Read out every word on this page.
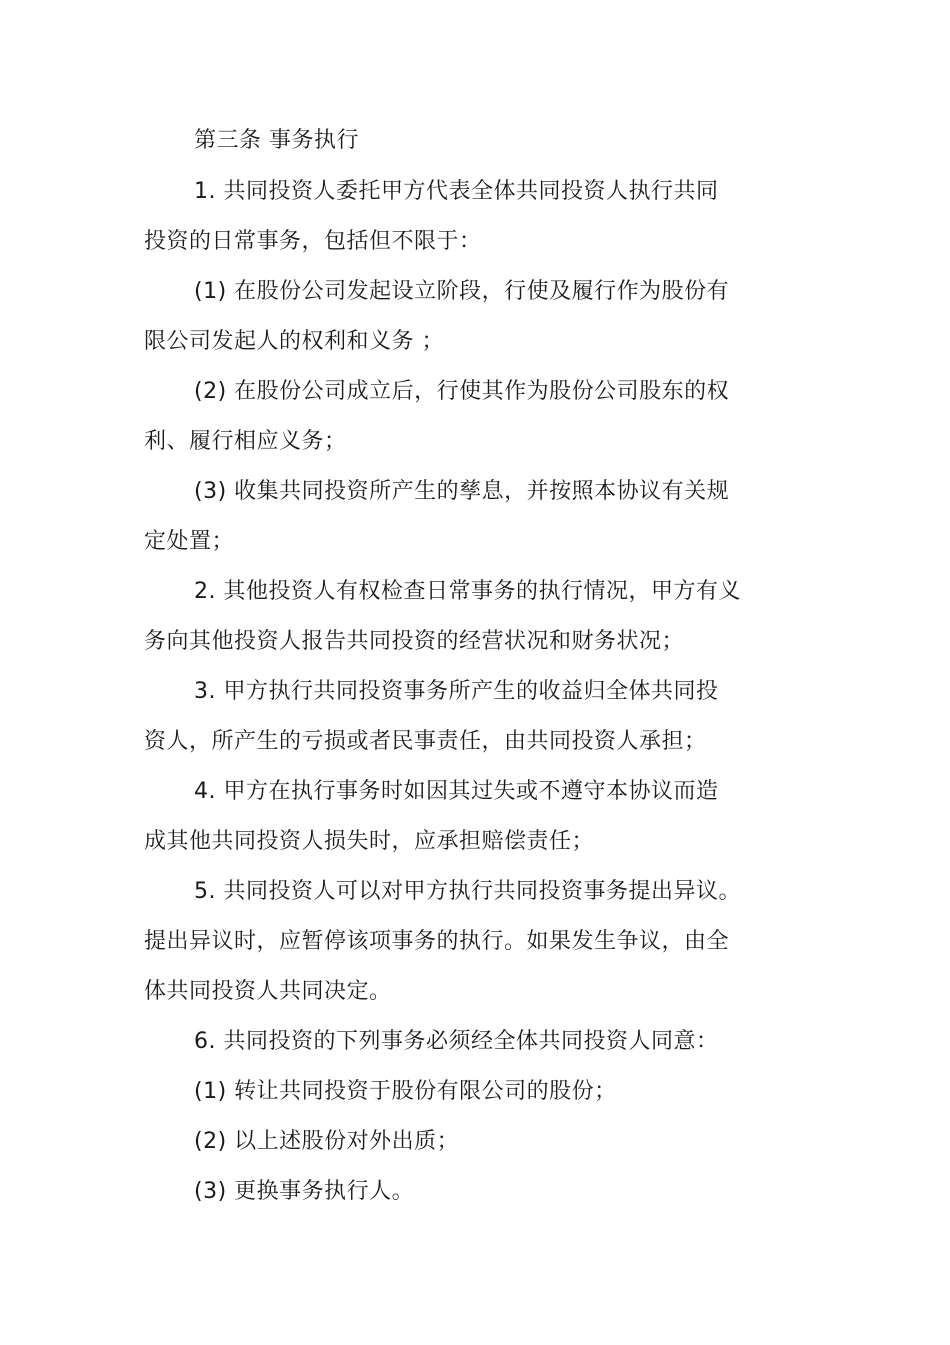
第三条 事务执行
1. 共同投资人委托甲方代表全体共同投资人执行共同
投资的日常事务，包括但不限于：
(1) 在股份公司发起设立阶段，行使及履行作为股份有
限公司发起人的权利和义务 ；
(2) 在股份公司成立后，行使其作为股份公司股东的权
利、履行相应义务；
(3) 收集共同投资所产生的孳息，并按照本协议有关规
定处置；
2. 其他投资人有权检查日常事务的执行情况，甲方有义
务向其他投资人报告共同投资的经营状况和财务状况；
3. 甲方执行共同投资事务所产生的收益归全体共同投
资人，所产生的亏损或者民事责任，由共同投资人承担；
4. 甲方在执行事务时如因其过失或不遵守本协议而造
成其他共同投资人损失时，应承担赔偿责任；
5. 共同投资人可以对甲方执行共同投资事务提出异议。
提出异议时，应暂停该项事务的执行。如果发生争议，由全
体共同投资人共同决定。
6. 共同投资的下列事务必须经全体共同投资人同意：
(1) 转让共同投资于股份有限公司的股份；
(2) 以上述股份对外出质；
(3) 更换事务执行人。
